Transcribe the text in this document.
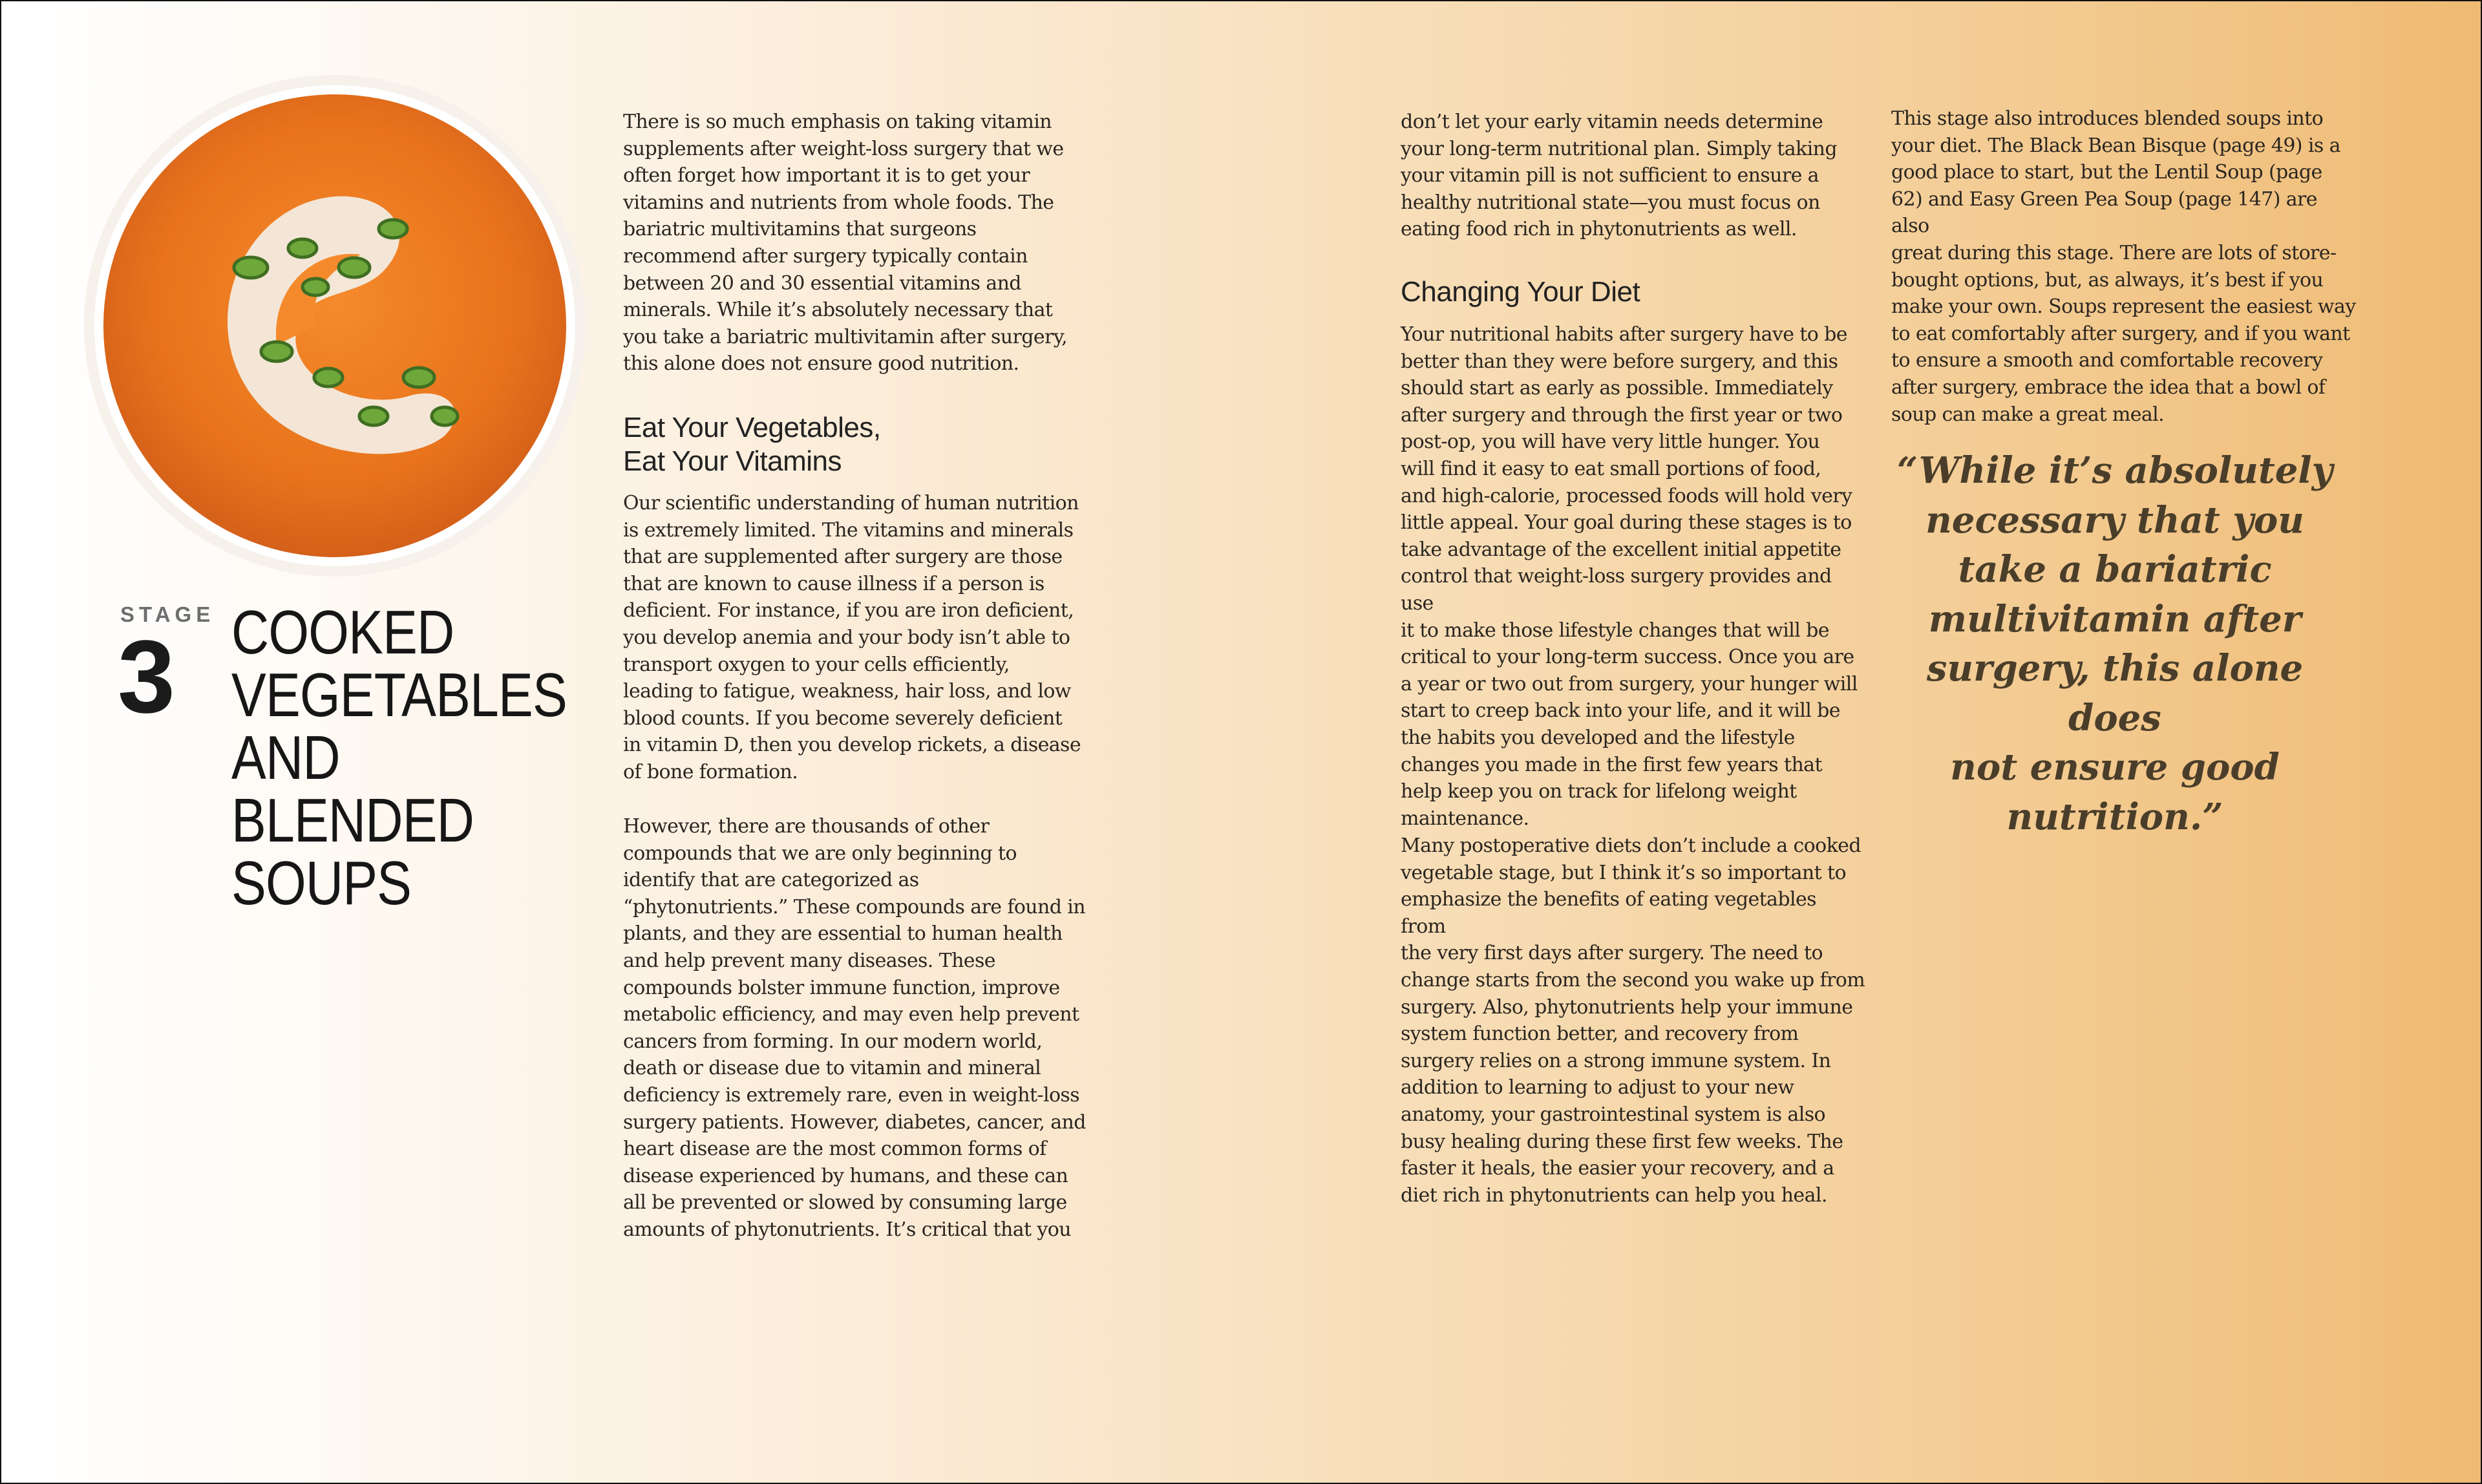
STAGE
3 COOKED
VEGETABLES
AND
BLENDED
SOUPS
There is so much emphasis on taking vitamin
supplements after weight-loss surgery that we
often forget how important it is to get your
vitamins and nutrients from whole foods. The
bariatric multivitamins that surgeons
recommend after surgery typically contain
between 20 and 30 essential vitamins and
minerals. While it’s absolutely necessary that
you take a bariatric multivitamin after surgery,
this alone does not ensure good nutrition.
Eat Your Vegetables,
Eat Your Vitamins
Our scientific understanding of human nutrition
is extremely limited. The vitamins and minerals
that are supplemented after surgery are those
that are known to cause illness if a person is
deficient. For instance, if you are iron deficient,
you develop anemia and your body isn’t able to
transport oxygen to your cells efficiently,
leading to fatigue, weakness, hair loss, and low
blood counts. If you become severely deficient
in vitamin D, then you develop rickets, a disease
of bone formation.
However, there are thousands of other
compounds that we are only beginning to
identify that are categorized as
“phytonutrients.” These compounds are found in
plants, and they are essential to human health
and help prevent many diseases. These
compounds bolster immune function, improve
metabolic efficiency, and may even help prevent
cancers from forming. In our modern world,
death or disease due to vitamin and mineral
deficiency is extremely rare, even in weight-loss
surgery patients. However, diabetes, cancer, and
heart disease are the most common forms of
disease experienced by humans, and these can
all be prevented or slowed by consuming large
amounts of phytonutrients. It’s critical that you
don’t let your early vitamin needs determine
your long-term nutritional plan. Simply taking
your vitamin pill is not sufficient to ensure a
healthy nutritional state—you must focus on
eating food rich in phytonutrients as well.
Changing Your Diet
Your nutritional habits after surgery have to be
better than they were before surgery, and this
should start as early as possible. Immediately
after surgery and through the first year or two
post-op, you will have very little hunger. You
will find it easy to eat small portions of food,
and high-calorie, processed foods will hold very
little appeal. Your goal during these stages is to
take advantage of the excellent initial appetite
control that weight-loss surgery provides and use
it to make those lifestyle changes that will be
critical to your long-term success. Once you are
a year or two out from surgery, your hunger will
start to creep back into your life, and it will be
the habits you developed and the lifestyle
changes you made in the first few years that
help keep you on track for lifelong weight
maintenance.
Many postoperative diets don’t include a cooked
vegetable stage, but I think it’s so important to
emphasize the benefits of eating vegetables from
the very first days after surgery. The need to
change starts from the second you wake up from
surgery. Also, phytonutrients help your immune
system function better, and recovery from
surgery relies on a strong immune system. In
addition to learning to adjust to your new
anatomy, your gastrointestinal system is also
busy healing during these first few weeks. The
faster it heals, the easier your recovery, and a
diet rich in phytonutrients can help you heal.
This stage also introduces blended soups into
your diet. The Black Bean Bisque (page 49) is a
good place to start, but the Lentil Soup (page
62) and Easy Green Pea Soup (page 147) are also
great during this stage. There are lots of store-
bought options, but, as always, it’s best if you
make your own. Soups represent the easiest way
to eat comfortably after surgery, and if you want
to ensure a smooth and comfortable recovery
after surgery, embrace the idea that a bowl of
soup can make a great meal.
“While it’s absolutely
necessary that you
take a bariatric
multivitamin after
surgery, this alone does
not ensure good
nutrition.”
